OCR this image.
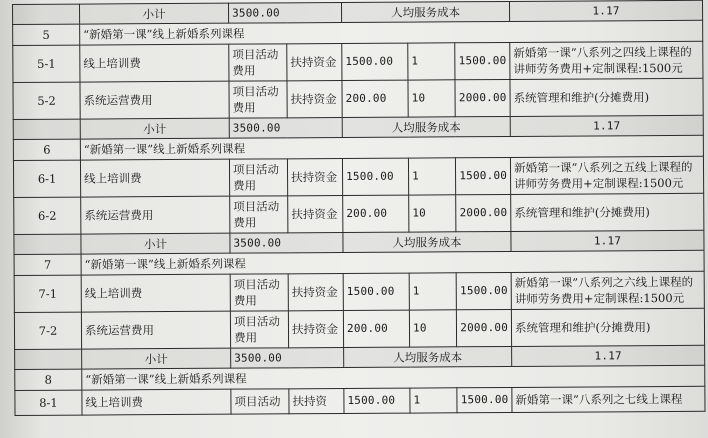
	小计	3500.00		人均服务成本			1.17
5	“新婚第一课”线上新婚系列课程						
5-1	线上培训费	项目活动费用	扶持资金	1500.00	1	1500.00	新婚第一课”八系列之四线上课程的讲师劳务费用+定制课程:1500元
5-2	系统运营费用	项目活动费用	扶持资金	200.00	10	2000.00	系统管理和维护(分摊费用)
	小计	3500.00		人均服务成本			1.17
6	“新婚第一课”线上新婚系列课程						
6-1	线上培训费	项目活动费用	扶持资金	1500.00	1	1500.00	新婚第一课”八系列之五线上课程的讲师劳务费用+定制课程:1500元
6-2	系统运营费用	项目活动费用	扶持资金	200.00	10	2000.00	系统管理和维护(分摊费用)
	小计	3500.00		人均服务成本			1.17
7	“新婚第一课”线上新婚系列课程						
7-1	线上培训费	项目活动费用	扶持资金	1500.00	1	1500.00	新婚第一课”八系列之六线上课程的讲师劳务费用+定制课程:1500元
7-2	系统运营费用	项目活动费用	扶持资金	200.00	10	2000.00	系统管理和维护(分摊费用)
	小计	3500.00		人均服务成本			1.17
8	“新婚第一课”线上新婚系列课程						
8-1	线上培训费	项目活动	扶持资	1500.00	1	1500.00	新婚第一课”八系列之七线上课程
